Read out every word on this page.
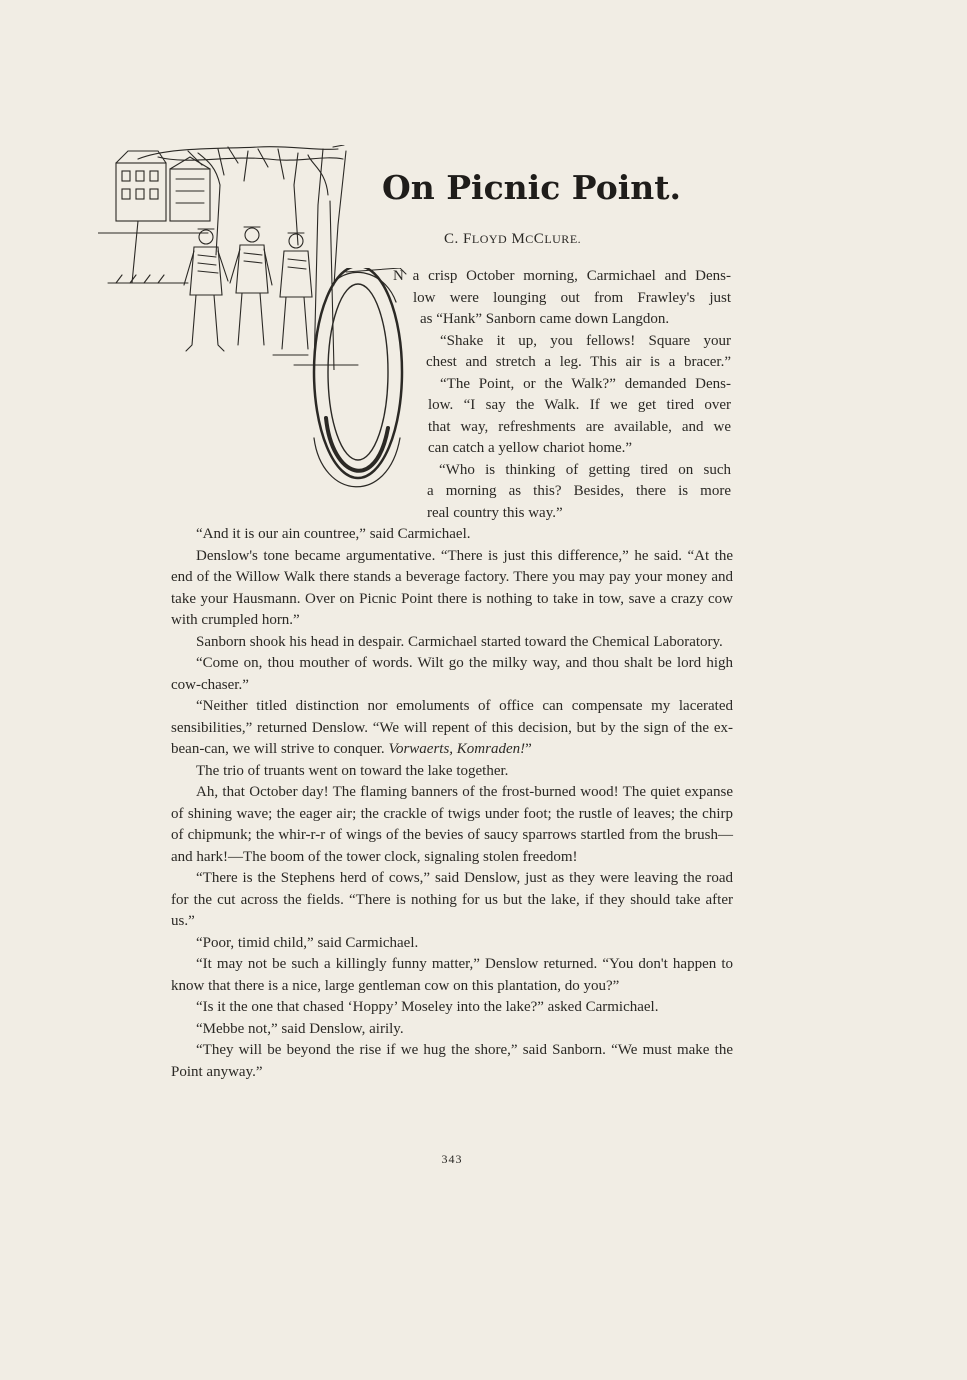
On Picnic Point.
C. FLOYD MCCLURE.
N a crisp October morning, Carmichael and Dens-
low were lounging out from Frawley's just
as “Hank” Sanborn came down Langdon.
“Shake it up, you fellows! Square your
chest and stretch a leg. This air is a bracer.”
“The Point, or the Walk?” demanded Dens-
low. “I say the Walk. If we get tired over
that way, refreshments are available, and we
can catch a yellow chariot home.”
“Who is thinking of getting tired on such
a morning as this? Besides, there is more
real country this way.”

“And it is our ain countree,” said Carmichael.

Denslow's tone became argumentative. “There is just this difference,” he said. “At the end of the Willow Walk there stands a beverage factory. There you may pay your money and take your Hausmann. Over on Picnic Point there is nothing to take in tow, save a crazy cow with crumpled horn.”

Sanborn shook his head in despair. Carmichael started toward the Chemical Laboratory.

“Come on, thou mouther of words. Wilt go the milky way, and thou shalt be lord high cow-chaser.”

“Neither titled distinction nor emoluments of office can compensate my lacerated sensibilities,” returned Denslow. “We will repent of this decision, but by the sign of the ex-bean-can, we will strive to conquer. Vorwaerts, Komraden!”

The trio of truants went on toward the lake together.

Ah, that October day! The flaming banners of the frost-burned wood! The quiet expanse of shining wave; the eager air; the crackle of twigs under foot; the rustle of leaves; the chirp of chipmunk; the whir-r-r of wings of the bevies of saucy sparrows startled from the brush—and hark!—The boom of the tower clock, signaling stolen freedom!

“There is the Stephens herd of cows,” said Denslow, just as they were leaving the road for the cut across the fields. “There is nothing for us but the lake, if they should take after us.”

“Poor, timid child,” said Carmichael.

“It may not be such a killingly funny matter,” Denslow returned. “You don't happen to know that there is a nice, large gentleman cow on this plantation, do you?”

“Is it the one that chased ‘Hoppy’ Moseley into the lake?” asked Carmichael.

“Mebbe not,” said Denslow, airily.

“They will be beyond the rise if we hug the shore,” said Sanborn. “We must make the Point anyway.”

343
